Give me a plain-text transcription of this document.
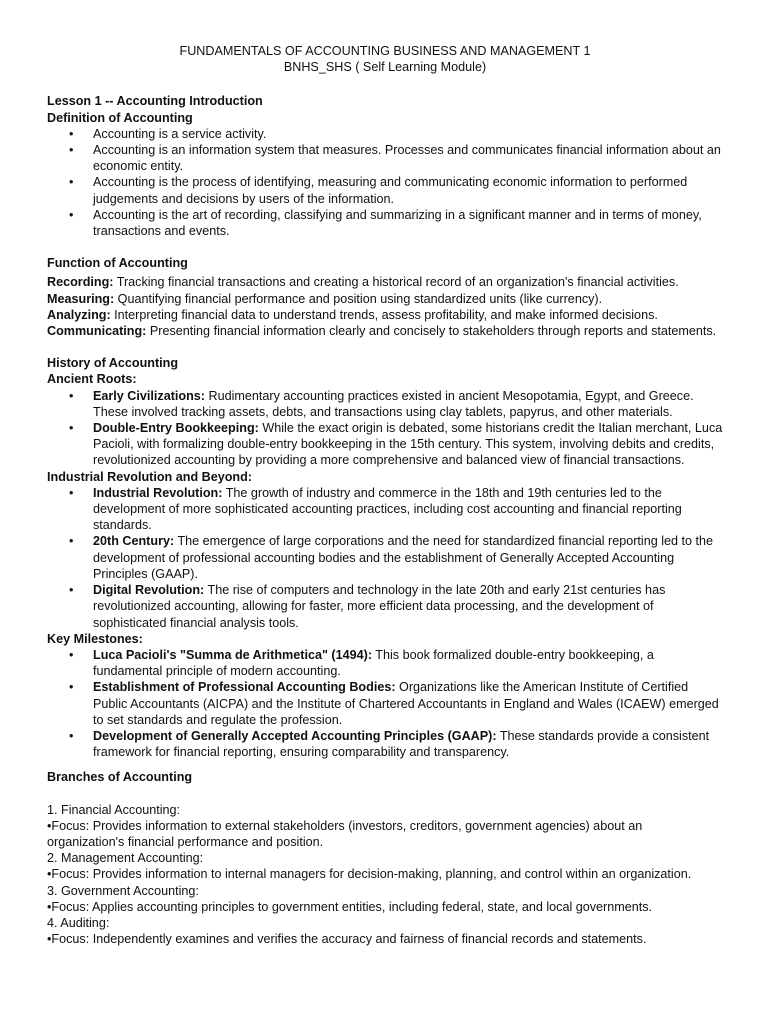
FUNDAMENTALS OF ACCOUNTING BUSINESS AND MANAGEMENT 1

BNHS_SHS ( Self Learning Module)

Lesson 1 -- Accounting Introduction

Definition of Accounting

• Accounting is a service activity.
• Accounting is an information system that measures. Processes and communicates financial information about an economic entity.
• Accounting is the process of identifying, measuring and communicating economic information to performed judgements and decisions by users of the information.
• Accounting is the art of recording, classifying and summarizing in a significant manner and in terms of money, transactions and events.

Function of Accounting

Recording: Tracking financial transactions and creating a historical record of an organization's financial activities.

Measuring: Quantifying financial performance and position using standardized units (like currency).

Analyzing: Interpreting financial data to understand trends, assess profitability, and make informed decisions.

Communicating: Presenting financial information clearly and concisely to stakeholders through reports and statements.

History of Accounting

Ancient Roots:

• Early Civilizations: Rudimentary accounting practices existed in ancient Mesopotamia, Egypt, and Greece. These involved tracking assets, debts, and transactions using clay tablets, papyrus, and other materials.
• Double-Entry Bookkeeping: While the exact origin is debated, some historians credit the Italian merchant, Luca Pacioli, with formalizing double-entry bookkeeping in the 15th century. This system, involving debits and credits, revolutionized accounting by providing a more comprehensive and balanced view of financial transactions.

Industrial Revolution and Beyond:

• Industrial Revolution: The growth of industry and commerce in the 18th and 19th centuries led to the development of more sophisticated accounting practices, including cost accounting and financial reporting standards.
• 20th Century: The emergence of large corporations and the need for standardized financial reporting led to the development of professional accounting bodies and the establishment of Generally Accepted Accounting Principles (GAAP).
• Digital Revolution: The rise of computers and technology in the late 20th and early 21st centuries has revolutionized accounting, allowing for faster, more efficient data processing, and the development of sophisticated financial analysis tools.

Key Milestones:

• Luca Pacioli's "Summa de Arithmetica" (1494): This book formalized double-entry bookkeeping, a fundamental principle of modern accounting.
• Establishment of Professional Accounting Bodies: Organizations like the American Institute of Certified Public Accountants (AICPA) and the Institute of Chartered Accountants in England and Wales (ICAEW) emerged to set standards and regulate the profession.
• Development of Generally Accepted Accounting Principles (GAAP): These standards provide a consistent framework for financial reporting, ensuring comparability and transparency.

Branches of Accounting

1. Financial Accounting:

•Focus: Provides information to external stakeholders (investors, creditors, government agencies) about an organization's financial performance and position.

2. Management Accounting:

•Focus: Provides information to internal managers for decision-making, planning, and control within an organization.

3. Government Accounting:

•Focus: Applies accounting principles to government entities, including federal, state, and local governments.

4. Auditing:

•Focus: Independently examines and verifies the accuracy and fairness of financial records and statements.
